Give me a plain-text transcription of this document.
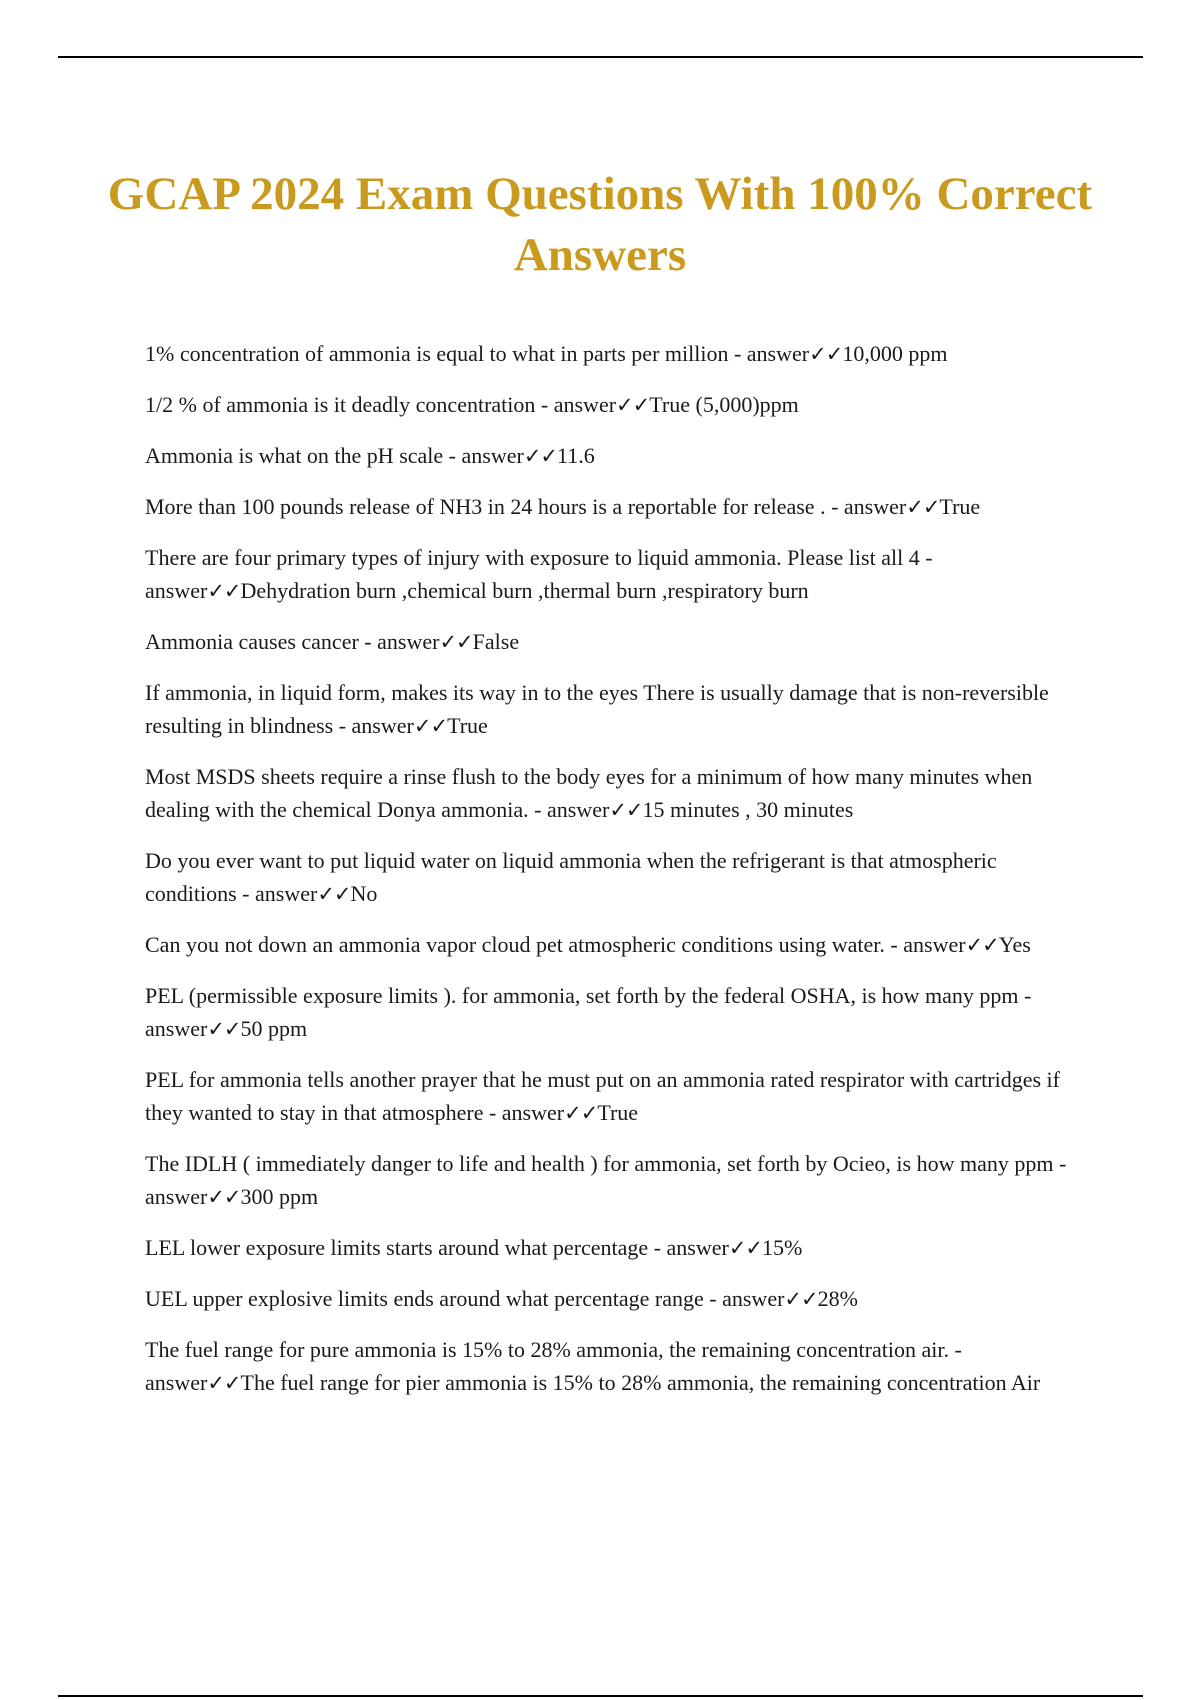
GCAP 2024 Exam Questions With 100% Correct Answers
1% concentration of ammonia is equal to what in parts per million - answer✓✓10,000 ppm
1/2 % of ammonia is it deadly concentration - answer✓✓True (5,000)ppm
Ammonia is what on the pH scale - answer✓✓11.6
More than 100 pounds release of NH3 in 24 hours is a reportable for release . - answer✓✓True
There are four primary types of injury with exposure to liquid ammonia. Please list all 4 - answer✓✓Dehydration burn ,chemical burn ,thermal burn ,respiratory burn
Ammonia causes cancer - answer✓✓False
If ammonia, in liquid form, makes its way in to the eyes There is usually damage that is non-reversible resulting in blindness - answer✓✓True
Most MSDS sheets require a rinse flush to the body eyes for a minimum of how many minutes when dealing with the chemical Donya ammonia. - answer✓✓15 minutes , 30 minutes
Do you ever want to put liquid water on liquid ammonia when the refrigerant is that atmospheric conditions - answer✓✓No
Can you not down an ammonia vapor cloud pet atmospheric conditions using water. - answer✓✓Yes
PEL (permissible exposure limits ). for ammonia, set forth by the federal OSHA, is how many ppm - answer✓✓50 ppm
PEL for ammonia tells another prayer that he must put on an ammonia rated respirator with cartridges if they wanted to stay in that atmosphere - answer✓✓True
The IDLH ( immediately danger to life and health ) for ammonia, set forth by Ocieo, is how many ppm - answer✓✓300 ppm
LEL lower exposure limits starts around what percentage - answer✓✓15%
UEL upper explosive limits ends around what percentage range - answer✓✓28%
The fuel range for pure ammonia is 15% to 28% ammonia, the remaining concentration air. - answer✓✓The fuel range for pier ammonia is 15% to 28% ammonia, the remaining concentration Air
